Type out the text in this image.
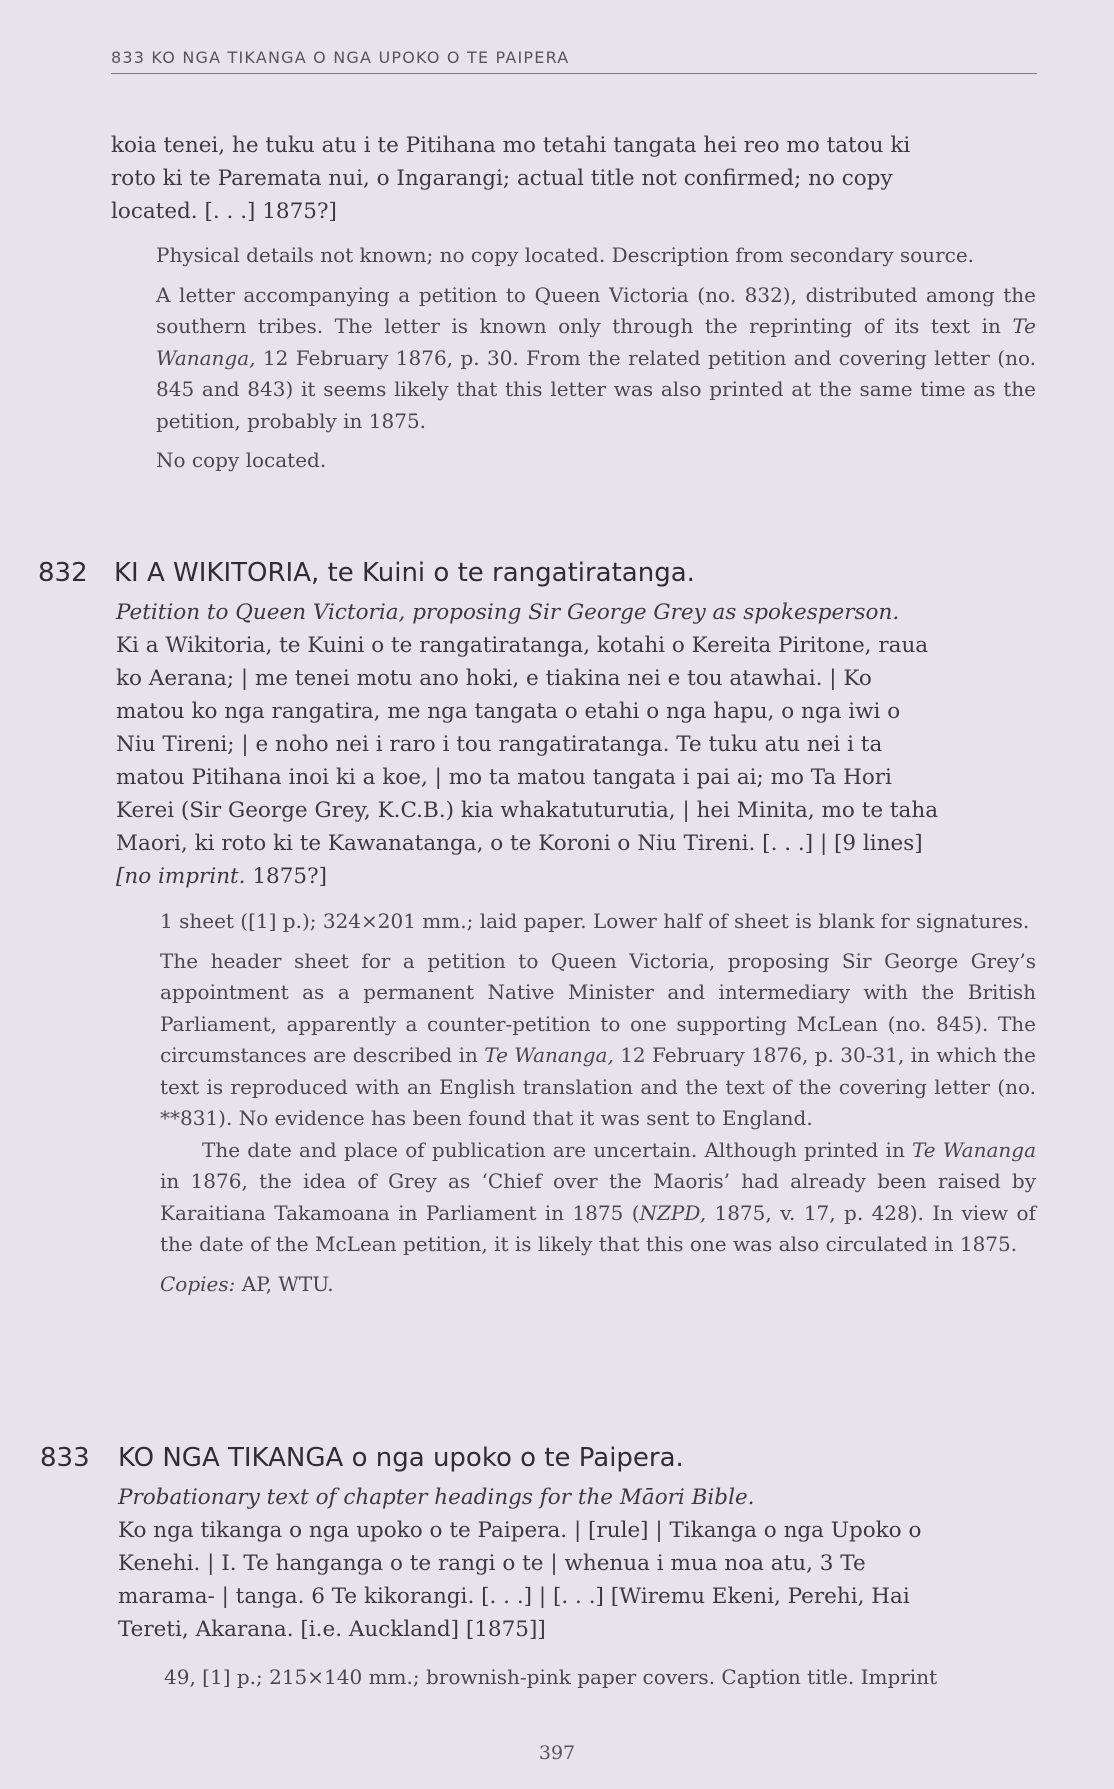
833 KO NGA TIKANGA O NGA UPOKO O TE PAIPERA
koia tenei, he tuku atu i te Pitihana mo tetahi tangata hei reo mo tatou ki
roto ki te Paremata nui, o Ingarangi; actual title not confirmed; no copy
located. [. . .] 1875?]

Physical details not known; no copy located. Description from secondary source.

A letter accompanying a petition to Queen Victoria (no. 832), distributed among the southern tribes. The letter is known only through the reprinting of its text in Te Wananga, 12 February 1876, p. 30. From the related petition and covering letter (no. 845 and 843) it seems likely that this letter was also printed at the same time as the petition, probably in 1875.

No copy located.

832 KI A WIKITORIA, te Kuini o te rangatiratanga.
Petition to Queen Victoria, proposing Sir George Grey as spokesperson.
Ki a Wikitoria, te Kuini o te rangatiratanga, kotahi o Kereita Piritone, raua
ko Aerana; | me tenei motu ano hoki, e tiakina nei e tou atawhai. | Ko
matou ko nga rangatira, me nga tangata o etahi o nga hapu, o nga iwi o
Niu Tireni; | e noho nei i raro i tou rangatiratanga. Te tuku atu nei i ta
matou Pitihana inoi ki a koe, | mo ta matou tangata i pai ai; mo Ta Hori
Kerei (Sir George Grey, K.C.B.) kia whakatuturutia, | hei Minita, mo te taha
Maori, ki roto ki te Kawanatanga, o te Koroni o Niu Tireni. [. . .] | [9 lines]
[no imprint. 1875?]

1 sheet ([1] p.); 324×201 mm.; laid paper. Lower half of sheet is blank for signatures.

The header sheet for a petition to Queen Victoria, proposing Sir George Grey’s appointment as a permanent Native Minister and intermediary with the British Parliament, apparently a counter-petition to one supporting McLean (no. 845). The circumstances are described in Te Wananga, 12 February 1876, p. 30-31, in which the text is reproduced with an English translation and the text of the covering letter (no. **831). No evidence has been found that it was sent to England.

The date and place of publication are uncertain. Although printed in Te Wananga in 1876, the idea of Grey as ‘Chief over the Maoris’ had already been raised by Karaitiana Takamoana in Parliament in 1875 (NZPD, 1875, v. 17, p. 428). In view of the date of the McLean petition, it is likely that this one was also circulated in 1875.

Copies: AP, WTU.

833 KO NGA TIKANGA o nga upoko o te Paipera.
Probationary text of chapter headings for the Māori Bible.
Ko nga tikanga o nga upoko o te Paipera. | [rule] | Tikanga o nga Upoko o
Kenehi. | I. Te hanganga o te rangi o te | whenua i mua noa atu, 3 Te
marama- | tanga. 6 Te kikorangi. [. . .] | [. . .] [Wiremu Ekeni, Perehi, Hai
Tereti, Akarana. [i.e. Auckland] [1875]]

49, [1] p.; 215×140 mm.; brownish-pink paper covers. Caption title. Imprint

397
